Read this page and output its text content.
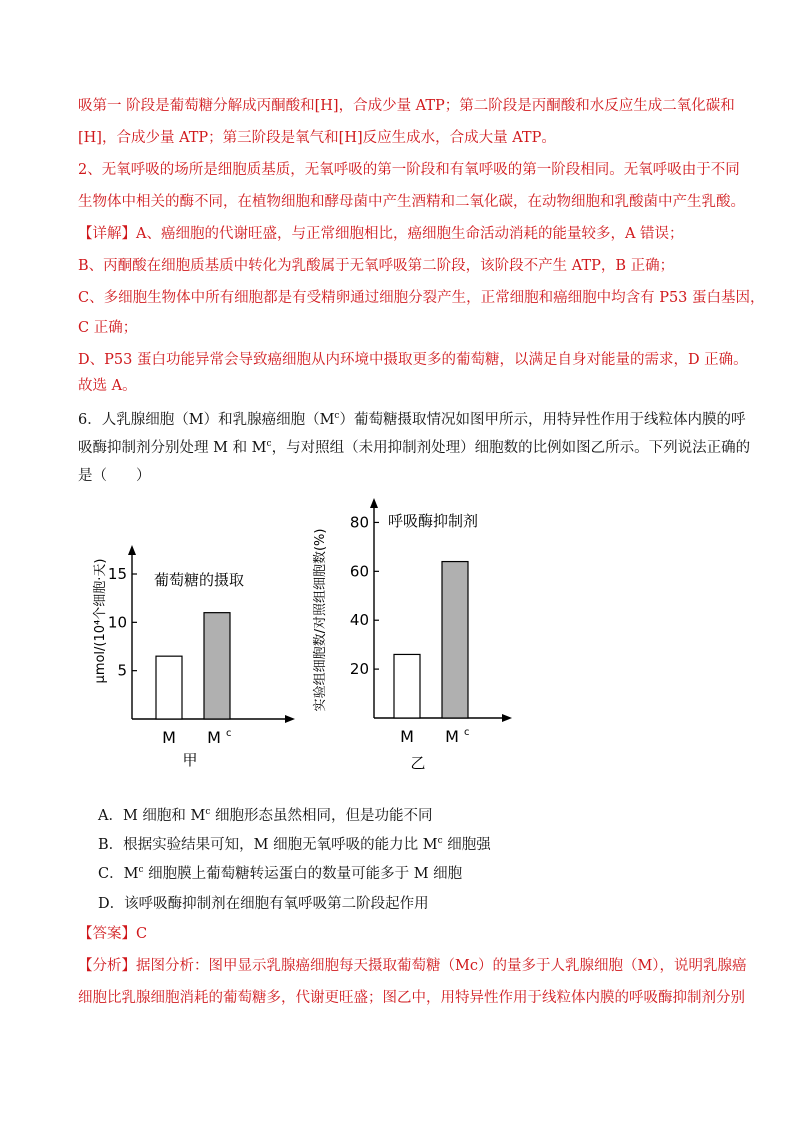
吸第一 阶段是葡萄糖分解成丙酮酸和[H]，合成少量 ATP；第二阶段是丙酮酸和水反应生成二氧化碳和
[H]，合成少量 ATP；第三阶段是氧气和[H]反应生成水，合成大量 ATP。
2、无氧呼吸的场所是细胞质基质，无氧呼吸的第一阶段和有氧呼吸的第一阶段相同。无氧呼吸由于不同
生物体中相关的酶不同，在植物细胞和酵母菌中产生酒精和二氧化碳，在动物细胞和乳酸菌中产生乳酸。
【详解】A、癌细胞的代谢旺盛，与正常细胞相比，癌细胞生命活动消耗的能量较多，A 错误；
B、丙酮酸在细胞质基质中转化为乳酸属于无氧呼吸第二阶段，该阶段不产生 ATP，B 正确；
C、多细胞生物体中所有细胞都是有受精卵通过细胞分裂产生，正常细胞和癌细胞中均含有 P53 蛋白基因，
C 正确；
D、P53 蛋白功能异常会导致癌细胞从内环境中摄取更多的葡萄糖，以满足自身对能量的需求，D 正确。
故选 A。
6．人乳腺细胞（M）和乳腺癌细胞$(M^c)$葡萄糖摄取情况如图甲所示，用特异性作用于线粒体内膜的呼
吸酶抑制剂分别处理 M 和 $M^c$，与对照组（未用抑制剂处理）细胞数的比例如图乙所示。下列说法正确的
是（　　）
5
10
15
M M c
葡萄糖的摄取
μmol/(10⁴个细胞·天)
甲
20
40
60
80
M M c
呼吸酶抑制剂
实验组细胞数/对照组细胞数(%)
乙
A．M 细胞和 $M^c$ 细胞形态虽然相同，但是功能不同
B．根据实验结果可知，M 细胞无氧呼吸的能力比 $M^c$ 细胞强
C．$M^c$ 细胞膜上葡萄糖转运蛋白的数量可能多于 M 细胞
D．该呼吸酶抑制剂在细胞有氧呼吸第二阶段起作用
【答案】C
【分析】据图分析：图甲显示乳腺癌细胞每天摄取葡萄糖（Mc）的量多于人乳腺细胞（M），说明乳腺癌
细胞比乳腺细胞消耗的葡萄糖多，代谢更旺盛；图乙中，用特异性作用于线粒体内膜的呼吸酶抑制剂分别
